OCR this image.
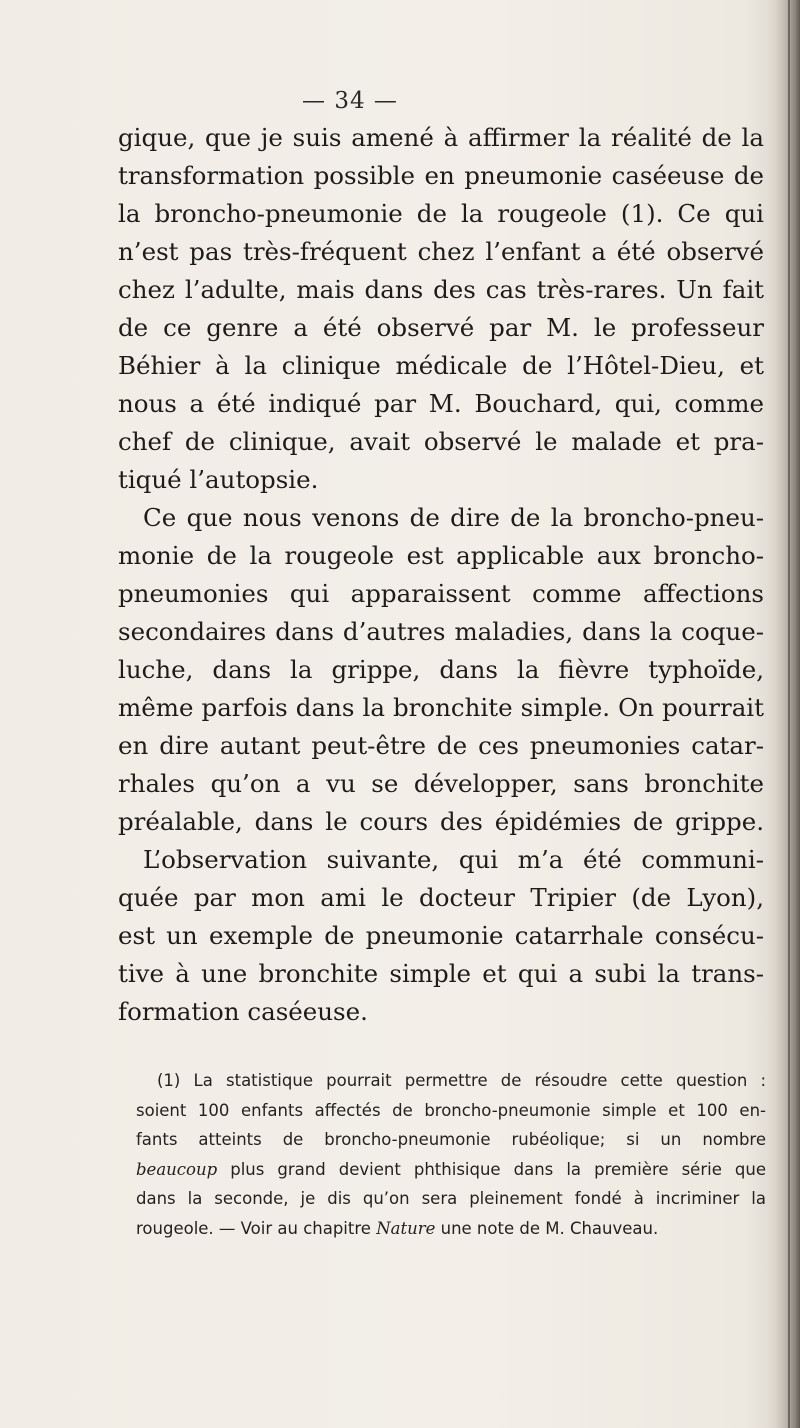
— 34 —
gique, que je suis amené à affirmer la réalité de la
transformation possible en pneumonie caséeuse de
la broncho-pneumonie de la rougeole (1). Ce qui
n’est pas très-fréquent chez l’enfant a été observé
chez l’adulte, mais dans des cas très-rares. Un fait
de ce genre a été observé par M. le professeur
Béhier à la clinique médicale de l’Hôtel-Dieu, et
nous a été indiqué par M. Bouchard, qui, comme
chef de clinique, avait observé le malade et pra-
tiqué l’autopsie.
Ce que nous venons de dire de la broncho-pneu-
monie de la rougeole est applicable aux broncho-
pneumonies qui apparaissent comme affections
secondaires dans d’autres maladies, dans la coque-
luche, dans la grippe, dans la fièvre typhoïde,
même parfois dans la bronchite simple. On pourrait
en dire autant peut-être de ces pneumonies catar-
rhales qu’on a vu se développer, sans bronchite
préalable, dans le cours des épidémies de grippe.
L’observation suivante, qui m’a été communi-
quée par mon ami le docteur Tripier (de Lyon),
est un exemple de pneumonie catarrhale consécu-
tive à une bronchite simple et qui a subi la trans-
formation caséeuse.
(1) La statistique pourrait permettre de résoudre cette question :
soient 100 enfants affectés de broncho-pneumonie simple et 100 en-
fants atteints de broncho-pneumonie rubéolique; si un nombre
beaucoup plus grand devient phthisique dans la première série que
dans la seconde, je dis qu’on sera pleinement fondé à incriminer la
rougeole. — Voir au chapitre Nature une note de M. Chauveau.
